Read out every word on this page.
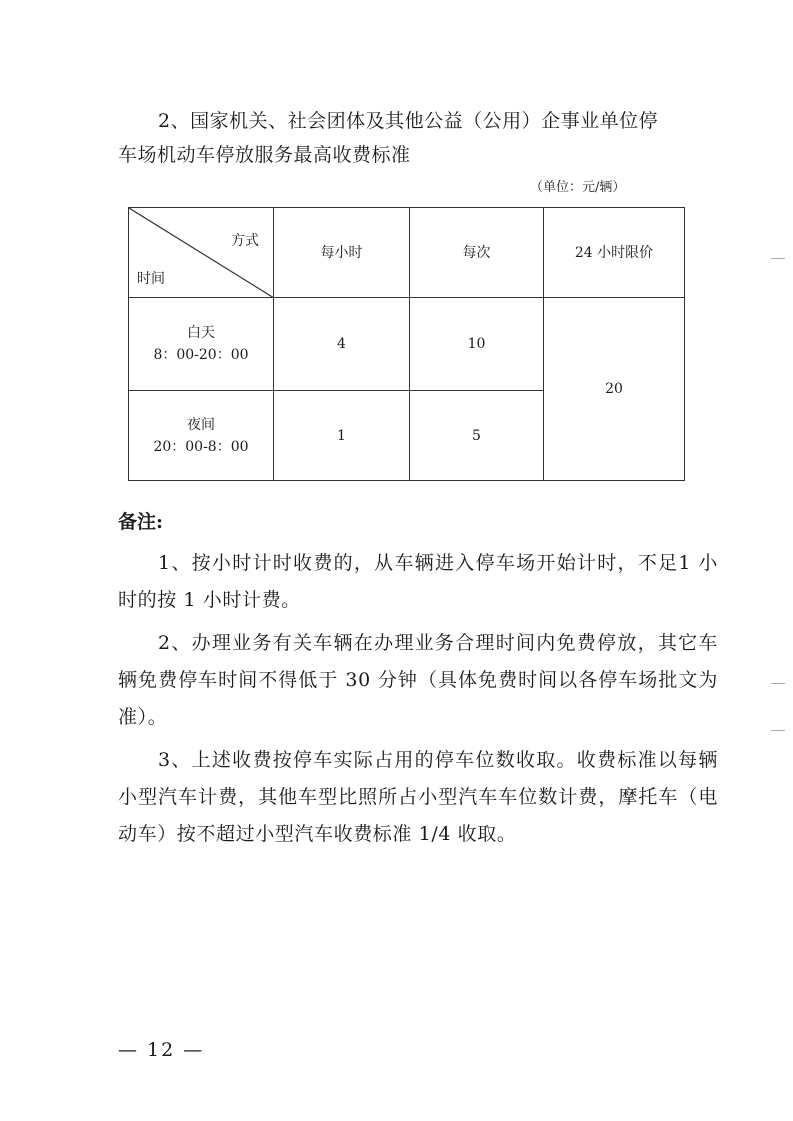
2、国家机关、社会团体及其他公益（公用）企事业单位停
车场机动车停放服务最高收费标准
（单位：元/辆）
方式
时间	每小时	每次	24 小时限价

白天
8：00-20：00	4	10	20

夜间
20：00-8：00	1	5	
备注:

1、按小时计时收费的，从车辆进入停车场开始计时，不足1 小时的按 1 小时计费。

2、办理业务有关车辆在办理业务合理时间内免费停放，其它车辆免费停车时间不得低于 30 分钟（具体免费时间以各停车场批文为准）。

3、上述收费按停车实际占用的停车位数收取。收费标准以每辆小型汽车计费，其他车型比照所占小型汽车车位数计费，摩托车（电动车）按不超过小型汽车收费标准 1/4 收取。

— 12 —
